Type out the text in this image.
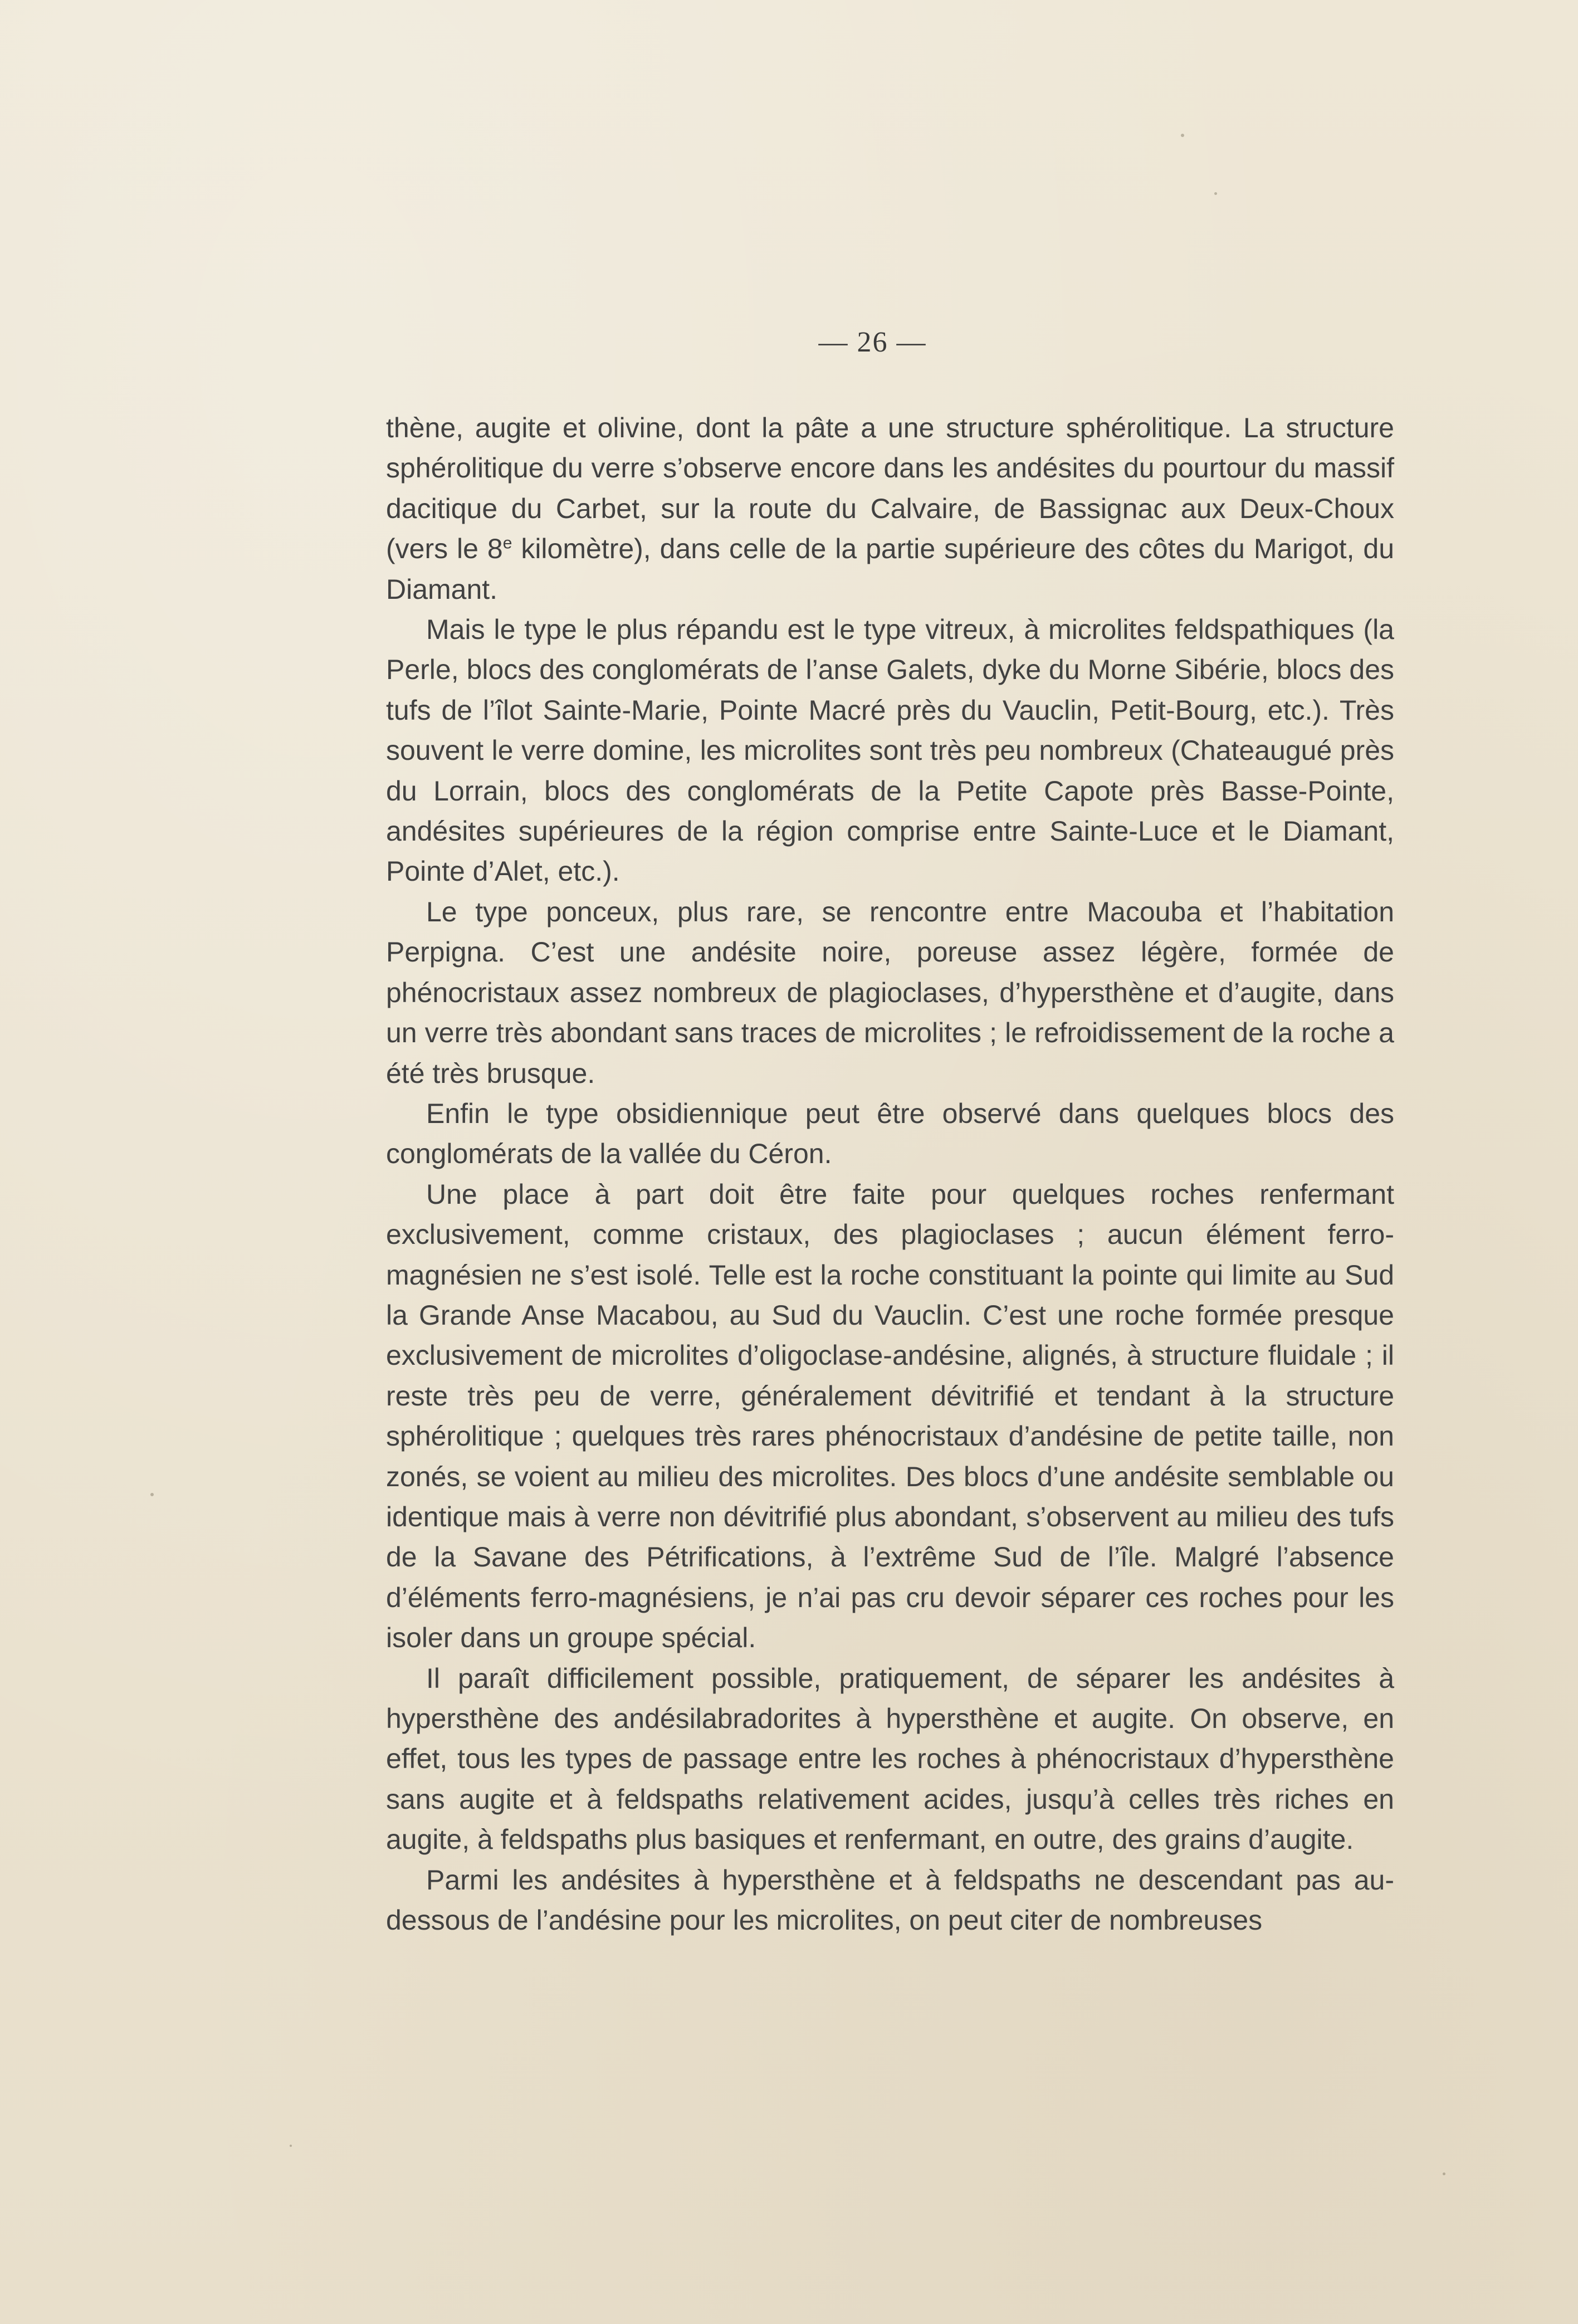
— 26 —

thène, augite et olivine, dont la pâte a une structure sphérolitique. La structure sphérolitique du verre s’observe encore dans les andésites du pourtour du massif dacitique du Carbet, sur la route du Calvaire, de Bassignac aux Deux-Choux (vers le 8e kilomètre), dans celle de la partie supérieure des côtes du Marigot, du Diamant.

Mais le type le plus répandu est le type vitreux, à microlites feldspathiques (la Perle, blocs des conglomérats de l’anse Galets, dyke du Morne Sibérie, blocs des tufs de l’îlot Sainte-Marie, Pointe Macré près du Vauclin, Petit-Bourg, etc.). Très souvent le verre domine, les microlites sont très peu nombreux (Chateaugué près du Lorrain, blocs des conglomérats de la Petite Capote près Basse-Pointe, andésites supérieures de la région comprise entre Sainte-Luce et le Diamant, Pointe d’Alet, etc.).

Le type ponceux, plus rare, se rencontre entre Macouba et l’habitation Perpigna. C’est une andésite noire, poreuse assez légère, formée de phénocristaux assez nombreux de plagioclases, d’hypersthène et d’augite, dans un verre très abondant sans traces de microlites ; le refroidissement de la roche a été très brusque.

Enfin le type obsidiennique peut être observé dans quelques blocs des conglomérats de la vallée du Céron.

Une place à part doit être faite pour quelques roches renfermant exclusivement, comme cristaux, des plagioclases ; aucun élément ferro-magnésien ne s’est isolé. Telle est la roche constituant la pointe qui limite au Sud la Grande Anse Macabou, au Sud du Vauclin. C’est une roche formée presque exclusivement de microlites d’oligoclase-andésine, alignés, à structure fluidale ; il reste très peu de verre, généralement dévitrifié et tendant à la structure sphérolitique ; quelques très rares phénocristaux d’andésine de petite taille, non zonés, se voient au milieu des microlites. Des blocs d’une andésite semblable ou identique mais à verre non dévitrifié plus abondant, s’observent au milieu des tufs de la Savane des Pétrifications, à l’extrême Sud de l’île. Malgré l’absence d’éléments ferro-magnésiens, je n’ai pas cru devoir séparer ces roches pour les isoler dans un groupe spécial.

Il paraît difficilement possible, pratiquement, de séparer les andésites à hypersthène des andésilabradorites à hypersthène et augite. On observe, en effet, tous les types de passage entre les roches à phénocristaux d’hypersthène sans augite et à feldspaths relativement acides, jusqu’à celles très riches en augite, à feldspaths plus basiques et renfermant, en outre, des grains d’augite.

Parmi les andésites à hypersthène et à feldspaths ne descendant pas au-dessous de l’andésine pour les microlites, on peut citer de nombreuses
